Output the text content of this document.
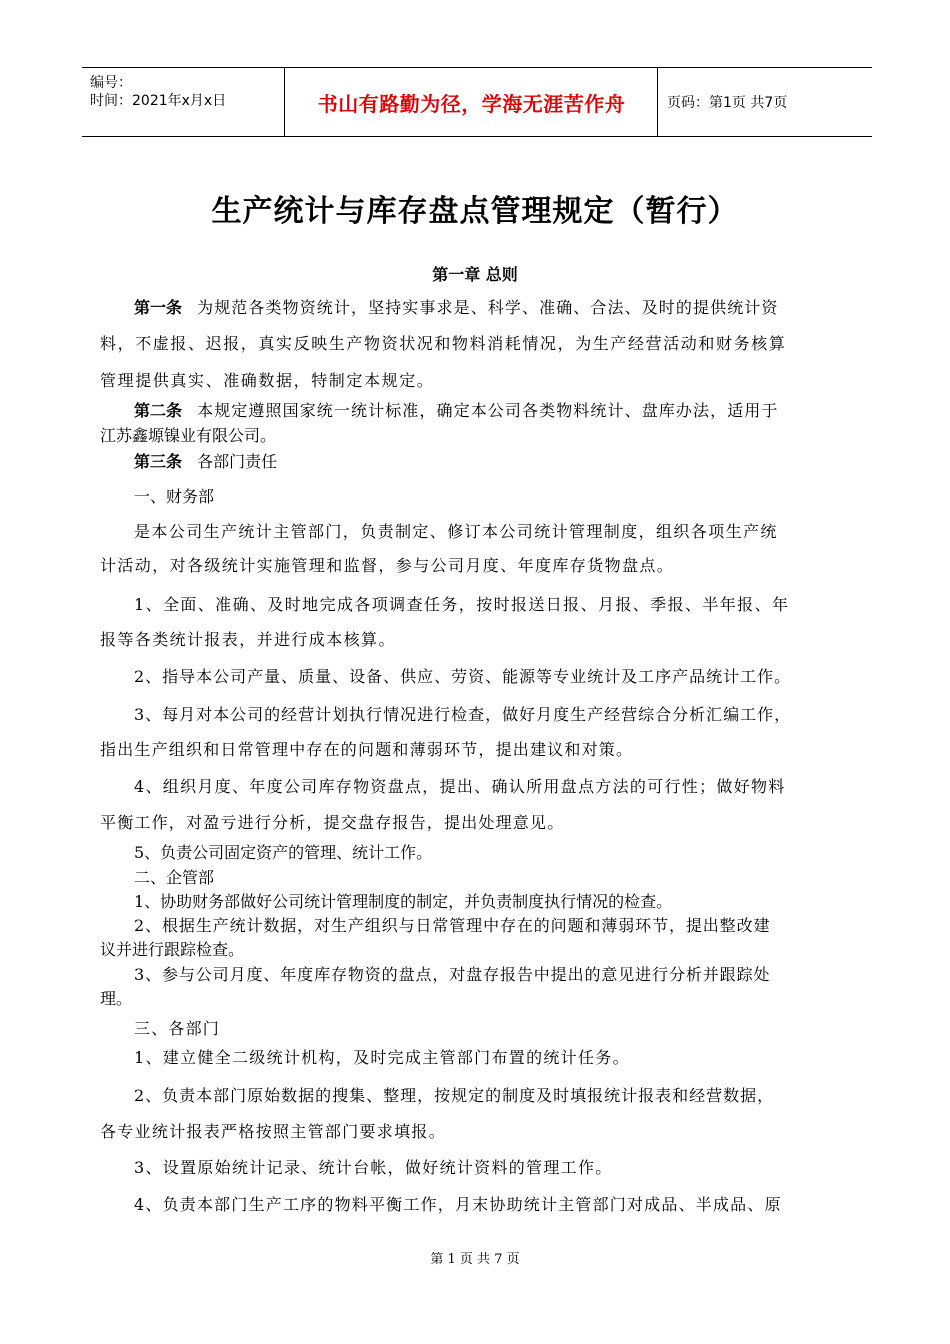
编号：
时间：2021年x月x日	书山有路勤为径，学海无涯苦作舟	页码：第1页 共7页
生产统计与库存盘点管理规定（暂行）
第一章 总则
第一条 为规范各类物资统计，坚持实事求是、科学、准确、合法、及时的提供统计资
料，不虚报、迟报，真实反映生产物资状况和物料消耗情况，为生产经营活动和财务核算
管理提供真实、准确数据，特制定本规定。
第二条 本规定遵照国家统一统计标准，确定本公司各类物料统计、盘库办法，适用于
江苏鑫塬镍业有限公司。
第三条 各部门责任
一、财务部
是本公司生产统计主管部门，负责制定、修订本公司统计管理制度，组织各项生产统
计活动，对各级统计实施管理和监督，参与公司月度、年度库存货物盘点。
1、全面、准确、及时地完成各项调查任务，按时报送日报、月报、季报、半年报、年
报等各类统计报表，并进行成本核算。
2、指导本公司产量、质量、设备、供应、劳资、能源等专业统计及工序产品统计工作。
3、每月对本公司的经营计划执行情况进行检查，做好月度生产经营综合分析汇编工作，
指出生产组织和日常管理中存在的问题和薄弱环节，提出建议和对策。
4、组织月度、年度公司库存物资盘点，提出、确认所用盘点方法的可行性；做好物料
平衡工作，对盈亏进行分析，提交盘存报告，提出处理意见。
5、负责公司固定资产的管理、统计工作。
二、企管部
1、协助财务部做好公司统计管理制度的制定，并负责制度执行情况的检查。
2、根据生产统计数据，对生产组织与日常管理中存在的问题和薄弱环节，提出整改建
议并进行跟踪检查。
3、参与公司月度、年度库存物资的盘点，对盘存报告中提出的意见进行分析并跟踪处
理。
三、各部门
1、建立健全二级统计机构，及时完成主管部门布置的统计任务。
2、负责本部门原始数据的搜集、整理，按规定的制度及时填报统计报表和经营数据，
各专业统计报表严格按照主管部门要求填报。
3、设置原始统计记录、统计台帐，做好统计资料的管理工作。
4、负责本部门生产工序的物料平衡工作，月末协助统计主管部门对成品、半成品、原
第 1 页 共 7 页
